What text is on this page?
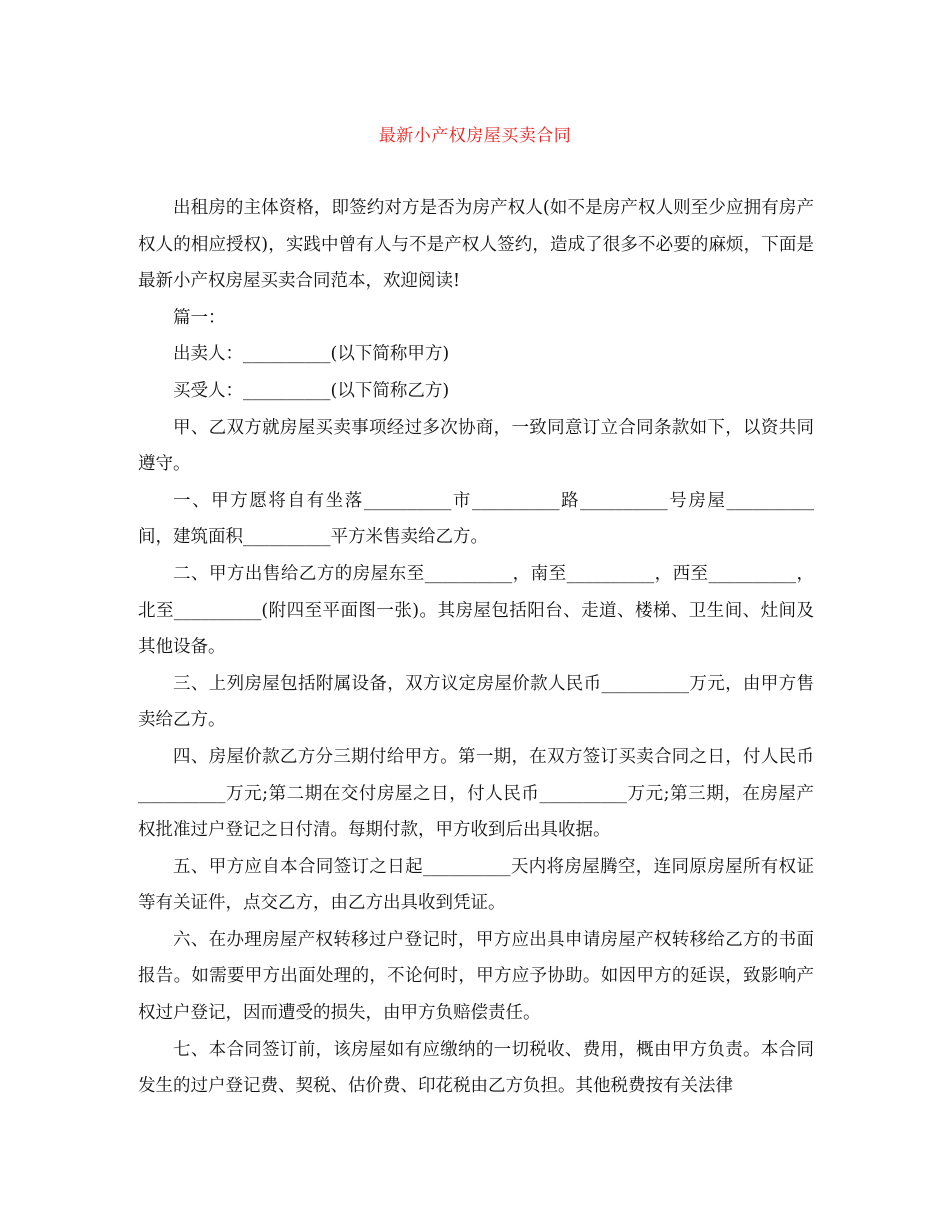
最新小产权房屋买卖合同

出租房的主体资格，即签约对方是否为房产权人(如不是房产权人则至少应拥有房产权人的相应授权)，实践中曾有人与不是产权人签约，造成了很多不必要的麻烦，下面是最新小产权房屋买卖合同范本，欢迎阅读!

篇一：

出卖人：__________(以下简称甲方)

买受人：__________(以下简称乙方)

甲、乙双方就房屋买卖事项经过多次协商，一致同意订立合同条款如下，以资共同遵守。

一、甲方愿将自有坐落__________市__________路__________号房屋__________间，建筑面积__________平方米售卖给乙方。

二、甲方出售给乙方的房屋东至__________，南至__________，西至__________，北至__________(附四至平面图一张)。其房屋包括阳台、走道、楼梯、卫生间、灶间及其他设备。

三、上列房屋包括附属设备，双方议定房屋价款人民币__________万元，由甲方售卖给乙方。

四、房屋价款乙方分三期付给甲方。第一期，在双方签订买卖合同之日，付人民币__________万元;第二期在交付房屋之日，付人民币__________万元;第三期，在房屋产权批准过户登记之日付清。每期付款，甲方收到后出具收据。

五、甲方应自本合同签订之日起__________天内将房屋腾空，连同原房屋所有权证等有关证件，点交乙方，由乙方出具收到凭证。

六、在办理房屋产权转移过户登记时，甲方应出具申请房屋产权转移给乙方的书面报告。如需要甲方出面处理的，不论何时，甲方应予协助。如因甲方的延误，致影响产权过户登记，因而遭受的损失，由甲方负赔偿责任。

七、本合同签订前，该房屋如有应缴纳的一切税收、费用，概由甲方负责。本合同发生的过户登记费、契税、估价费、印花税由乙方负担。其他税费按有关法律
